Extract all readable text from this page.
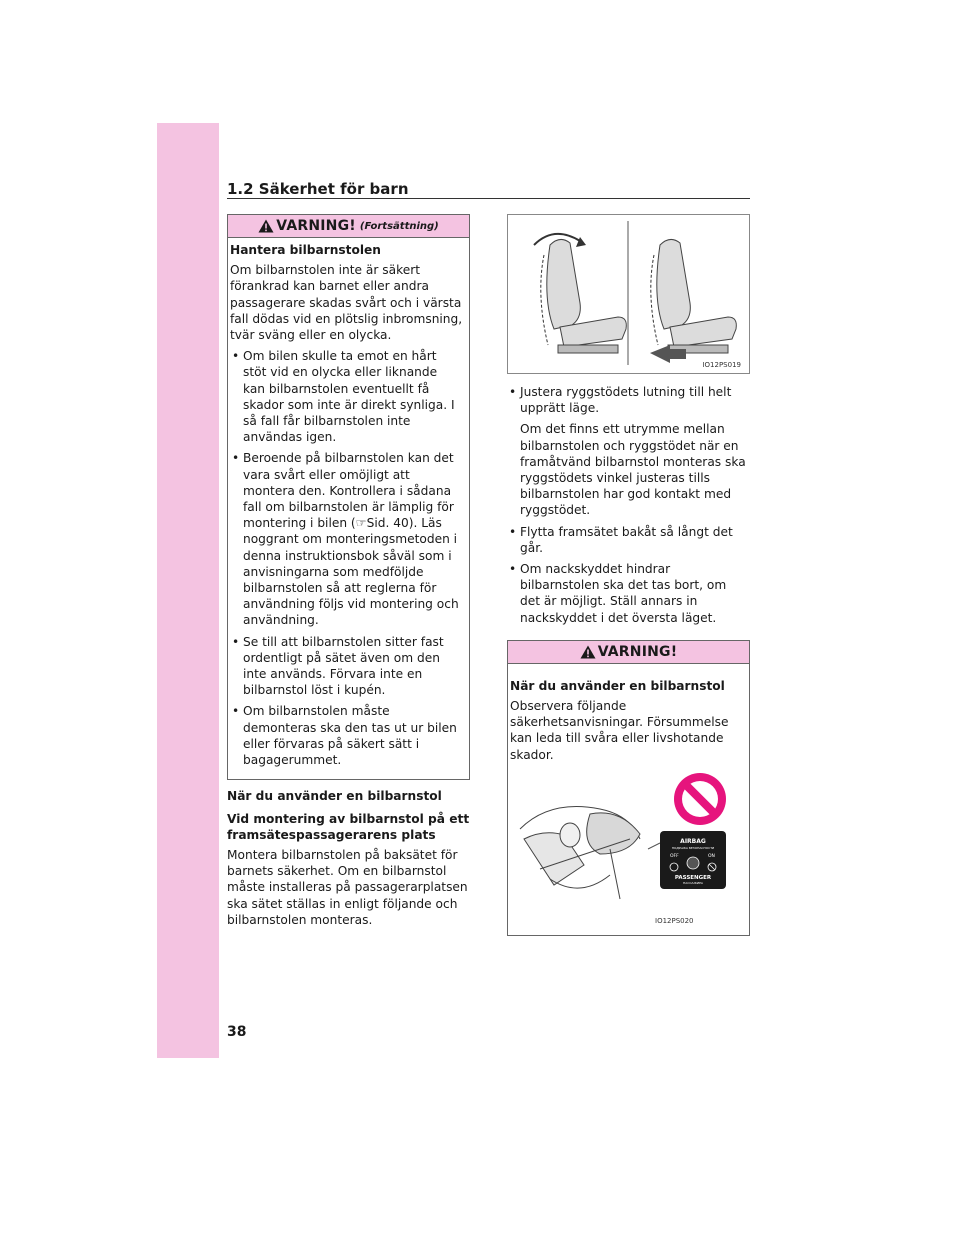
1.2 Säkerhet för barn
VARNING! (Fortsättning)
Hantera bilbarnstolen

Om bilbarnstolen inte är säkert förankrad kan barnet eller andra passagerare skadas svårt och i värsta fall dödas vid en plötslig inbromsning, tvär sväng eller en olycka.

• Om bilen skulle ta emot en hårt stöt vid en olycka eller liknande kan bilbarnstolen eventuellt få skador som inte är direkt synliga. I så fall får bilbarnstolen inte användas igen.
• Beroende på bilbarnstolen kan det vara svårt eller omöjligt att montera den. Kontrollera i sådana fall om bilbarnstolen är lämplig för montering i bilen (☞Sid. 40). Läs noggrant om monteringsmetoden i denna instruktionsbok såväl som i anvisningarna som medföljde bilbarnstolen så att reglerna för användning följs vid montering och användning.
• Se till att bilbarnstolen sitter fast ordentligt på sätet även om den inte används. Förvara inte en bilbarnstol löst i kupén.
• Om bilbarnstolen måste demonteras ska den tas ut ur bilen eller förvaras på säkert sätt i bagagerummet.
När du använder en bilbarnstol
Vid montering av bilbarnstol på ett framsätespassagerarens plats

Montera bilbarnstolen på baksätet för barnets säkerhet. Om en bilbarnstol måste installeras på passagerarplatsen ska sätet ställas in enligt följande och bilbarnstolen monteras.

IO12PS019
• Justera ryggstödets lutning till helt upprätt läge.
Om det finns ett utrymme mellan bilbarnstolen och ryggstödet när en framåtvänd bilbarnstol monteras ska ryggstödets vinkel justeras tills bilbarnstolen har god kontakt med ryggstödet.
• Flytta framsätet bakåt så långt det går.
• Om nackskyddet hindrar bilbarnstolen ska det tas bort, om det är möjligt. Ställ annars in nackskyddet i det översta läget.
VARNING!
När du använder en bilbarnstol

Observera följande säkerhetsanvisningar. Försummelse kan leda till svåra eller livshotande skador.

AIRBAG
ПОДУШКА БЕЗОПАСНОСТИ
OFF	ON
PASSENGER
ПАССАЖИРА
IO12PS020
38
